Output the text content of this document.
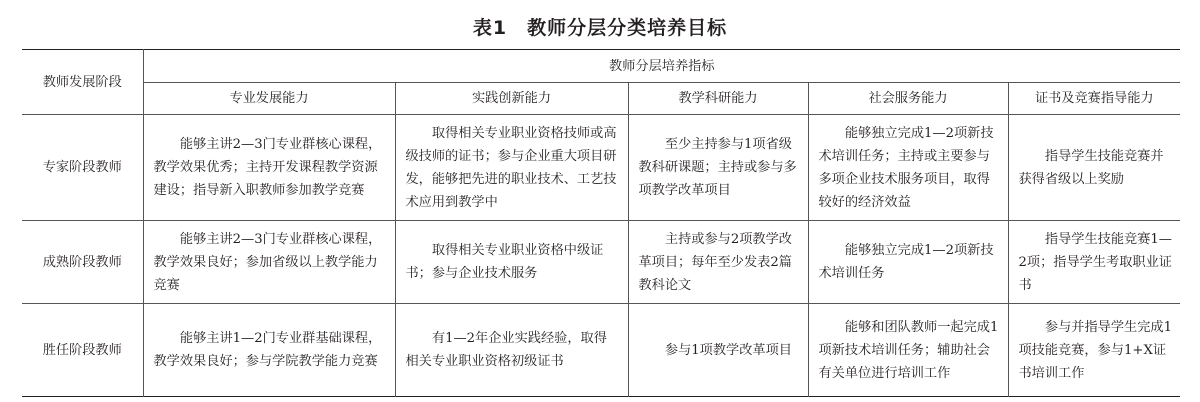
表1　教师分层分类培养目标
教师发展阶段	教师分层培养指标				
	专业发展能力	实践创新能力	教学科研能力	社会服务能力	证书及竞赛指导能力
专家阶段教师	能够主讲2—3门专业群核心课程，教学效果优秀；主持开发课程教学资源建设；指导新入职教师参加教学竞赛	取得相关专业职业资格技师或高级技师的证书；参与企业重大项目研发，能够把先进的职业技术、工艺技术应用到教学中	至少主持参与1项省级教科研课题；主持或参与多项教学改革项目	能够独立完成1—2项新技术培训任务；主持或主要参与多项企业技术服务项目，取得较好的经济效益	指导学生技能竞赛并获得省级以上奖励
成熟阶段教师	能够主讲2—3门专业群核心课程，教学效果良好；参加省级以上教学能力竞赛	取得相关专业职业资格中级证书；参与企业技术服务	主持或参与2项教学改革项目；每年至少发表2篇教科论文	能够独立完成1—2项新技术培训任务	指导学生技能竞赛1—2项；指导学生考取职业证书
胜任阶段教师	能够主讲1—2门专业群基础课程，教学效果良好；参与学院教学能力竞赛	有1—2年企业实践经验，取得相关专业职业资格初级证书	参与1项教学改革项目	能够和团队教师一起完成1项新技术培训任务；辅助社会有关单位进行培训工作	参与并指导学生完成1项技能竞赛，参与1+X证书培训工作
